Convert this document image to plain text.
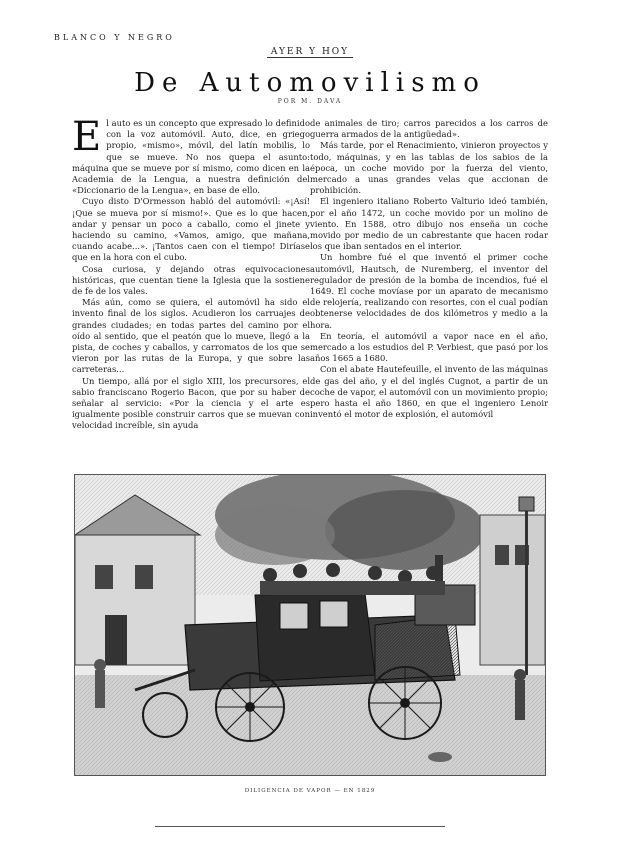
BLANCO Y NEGRO
AYER Y HOY
De Automovilismo
POR M. DAVA

El auto es un concepto que expresado lo definido con la voz automóvil. Auto, dice, en griego propio, «mismo», móvil, del latín mobilis, lo que se mueve. No nos quepa el asunto: máquina que se mueve por sí mismo, como dicen en la Academia de la Lengua, a nuestra definición del «Diccionario de la Lengua», en base de ello.

Cuyo disto D'Ormesson habló del automóvil: «¡Así! ¡Que se mueva por sí mismo!». Que es lo que hacen, andar y pensar un poco a caballo, como el jinete y haciendo su camino, «Vamos, amigo, que mañana, cuando acabe...». ¡Tantos caen con el tiempo! Diríase que en la hora con el cubo.

Cosa curiosa, y dejando otras equivocaciones históricas, que cuentan tiene la Iglesia que la sostiene de fe de los vales.

Más aún, como se quiera, el automóvil ha sido el invento final de los siglos. Acudieron los carruajes de grandes ciudades; en todas partes del camino por el oído al sentido, que el peatón que lo mueve, llegó a la pista, de coches y caballos, y carromatos de los que se vieron por las rutas de la Europa, y que sobre las carreteras...

Un tiempo, allá por el siglo XIII, los precursores, el sabio franciscano Rogerio Bacon, que por su haber de señalar al servicio: «Por la ciencia y el arte es igualmente posible construir carros que se muevan con velocidad increíble, sin ayuda

de animales de tiro; carros parecidos a los carros de guerra armados de la antigüedad».

Más tarde, por el Renacimiento, vinieron proyectos y todo, máquinas, y en las tablas de los sabios de la época, un coche movido por la fuerza del viento, mercado a unas grandes velas que accionan de prohibición.

El ingeniero italiano Roberto Valturio ideó también, por el año 1472, un coche movido por un molino de viento. En 1588, otro dibujo nos enseña un coche movido por medio de un cabrestante que hacen rodar los que iban sentados en el interior.

Un hombre fué el que inventó el primer coche automóvil, Hautsch, de Nuremberg, el inventor del regulador de presión de la bomba de incendios, fué el 1649. El coche movíase por un aparato de mecanismo de relojería, realizando con resortes, con el cual podían obtenerse velocidades de dos kilómetros y medio a la hora.

En teoría, el automóvil a vapor nace en el año, mercado a los estudios del P. Verbiest, que pasó por los años 1665 a 1680.

Con el abate Hautefeuille, el invento de las máquinas de gas del año, y el del inglés Cugnot, a partir de un coche de vapor, el automóvil con un movimiento propio; pero hasta el año 1860, en que el ingeniero Lenoir inventó el motor de explosión, el automóvil

DILIGENCIA DE VAPOR — EN 1829
